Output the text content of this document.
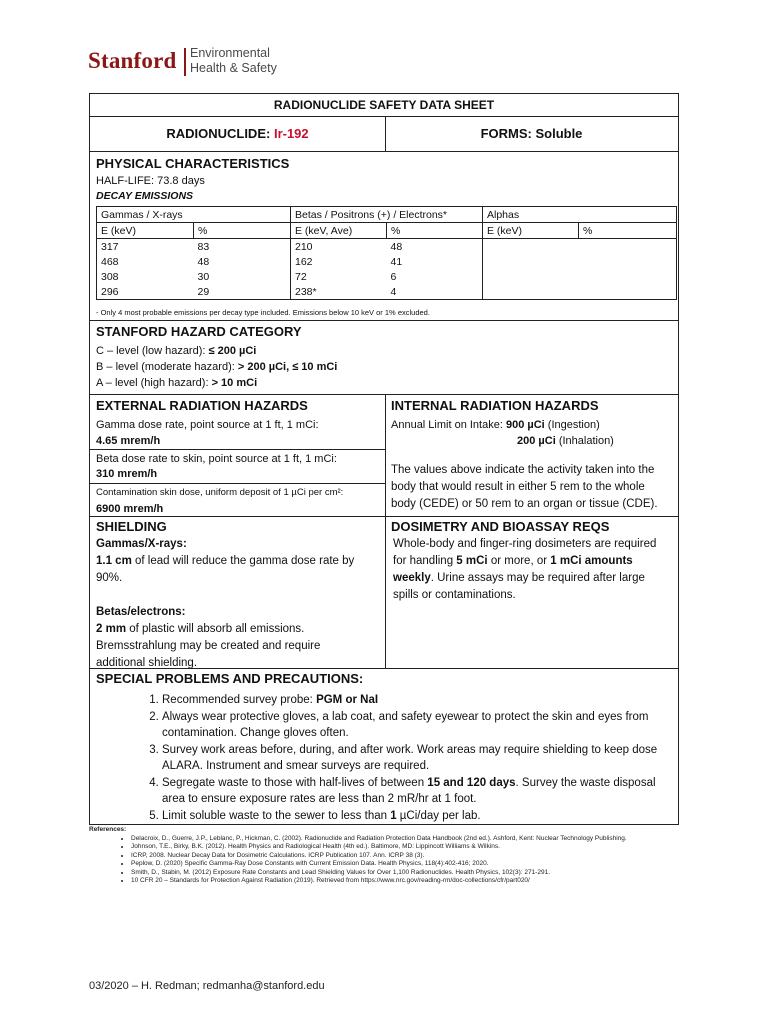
Stanford Environmental
Health & Safety
RADIONUCLIDE SAFETY DATA SHEET
RADIONUCLIDE: Ir-192	FORMS: Soluble
PHYSICAL CHARACTERISTICS
HALF-LIFE: 73.8 days
DECAY EMISSIONS
Gammas / X-rays		Betas / Positrons (+) / Electrons*		Alphas	
E (keV)	%	E (keV, Ave)	%	E (keV)	%
317	83	210	48		
468	48	162	41		
308	30	72	6		
296	29	238*	4		
- Only 4 most probable emissions per decay type included. Emissions below 10 keV or 1% excluded.
STANFORD HAZARD CATEGORY
C – level (low hazard): ≤ 200 µCi
B – level (moderate hazard): > 200 µCi, ≤ 10 mCi
A – level (high hazard): > 10 mCi
EXTERNAL RADIATION HAZARDS
Gamma dose rate, point source at 1 ft, 1 mCi:
4.65 mrem/h
Beta dose rate to skin, point source at 1 ft, 1 mCi:
310 mrem/h
Contamination skin dose, uniform deposit of 1 µCi per cm²:
6900 mrem/h
INTERNAL RADIATION HAZARDS
Annual Limit on Intake: 900 µCi (Ingestion)
200 µCi (Inhalation)
The values above indicate the activity taken into the
body that would result in either 5 rem to the whole
body (CEDE) or 50 rem to an organ or tissue (CDE).
SHIELDING
Gammas/X-rays:
1.1 cm of lead will reduce the gamma dose rate by
90%.

Betas/electrons:
2 mm of plastic will absorb all emissions.
Bremsstrahlung may be created and require
additional shielding.
DOSIMETRY AND BIOASSAY REQS
Whole-body and finger-ring dosimeters are required
for handling 5 mCi or more, or 1 mCi amounts
weekly. Urine assays may be required after large
spills or contaminations.
SPECIAL PROBLEMS AND PRECAUTIONS:
1. Recommended survey probe: PGM or NaI
2. Always wear protective gloves, a lab coat, and safety eyewear to protect the skin and eyes from contamination. Change gloves often.
3. Survey work areas before, during, and after work. Work areas may require shielding to keep dose ALARA. Instrument and smear surveys are required.
4. Segregate waste to those with half-lives of between 15 and 120 days. Survey the waste disposal area to ensure exposure rates are less than 2 mR/hr at 1 foot.
5. Limit soluble waste to the sewer to less than 1 µCi/day per lab.
References:
• Delacroix, D., Guerre, J.P., Leblanc, P., Hickman, C. (2002). Radionuclide and Radiation Protection Data Handbook (2nd ed.). Ashford, Kent: Nuclear Technology Publishing.
• Johnson, T.E., Birky, B.K. (2012). Health Physics and Radiological Health (4th ed.). Baltimore, MD: Lippincott Williams & Wilkins.
• ICRP, 2008. Nuclear Decay Data for Dosimetric Calculations. ICRP Publication 107. Ann. ICRP 38 (3).
• Peplow, D. (2020) Specific Gamma-Ray Dose Constants with Current Emission Data. Health Physics, 118(4):402-416; 2020.
• Smith, D., Stabin, M. (2012) Exposure Rate Constants and Lead Shielding Values for Over 1,100 Radionuclides. Health Physics, 102(3): 271-291.
• 10 CFR 20 – Standards for Protection Against Radiation (2019). Retrieved from https://www.nrc.gov/reading-rm/doc-collections/cfr/part020/
03/2020 – H. Redman; redmanha@stanford.edu
